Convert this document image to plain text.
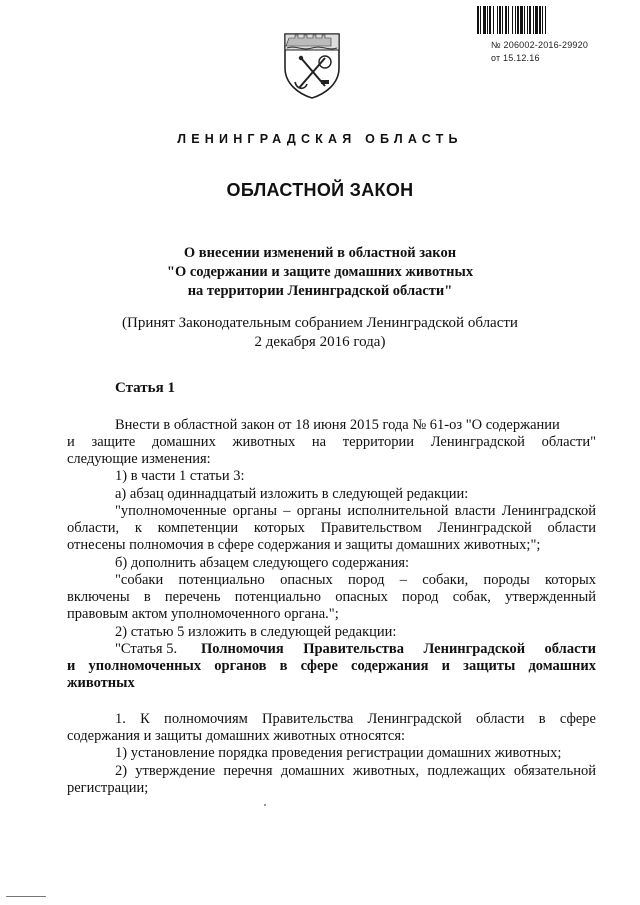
№ 206002-2016-29920
от 15.12.16
ЛЕНИНГРАДСКАЯ ОБЛАСТЬ
ОБЛАСТНОЙ ЗАКОН
О внесении изменений в областной закон
"О содержании и защите домашних животных
на территории Ленинградской области"
(Принят Законодательным собранием Ленинградской области
2 декабря 2016 года)
Статья 1
Внести в областной закон от 18 июня 2015 года № 61-оз "О содержании
и защите домашних животных на территории Ленинградской области"
следующие изменения:
1) в части 1 статьи 3:
а) абзац одиннадцатый изложить в следующей редакции:
"уполномоченные органы – органы исполнительной власти Ленинградской
области, к компетенции которых Правительством Ленинградской области
отнесены полномочия в сфере содержания и защиты домашних животных;";
б) дополнить абзацем следующего содержания:
"собаки потенциально опасных пород – собаки, породы которых
включены в перечень потенциально опасных пород собак, утвержденный
правовым актом уполномоченного органа.";
2) статью 5 изложить в следующей редакции:
"Статья 5. Полномочия Правительства Ленинградской области
и уполномоченных органов в сфере содержания и защиты домашних
животных
1. К полномочиям Правительства Ленинградской области в сфере
содержания и защиты домашних животных относятся:
1) установление порядка проведения регистрации домашних животных;
2) утверждение перечня домашних животных, подлежащих обязательной
регистрации;
